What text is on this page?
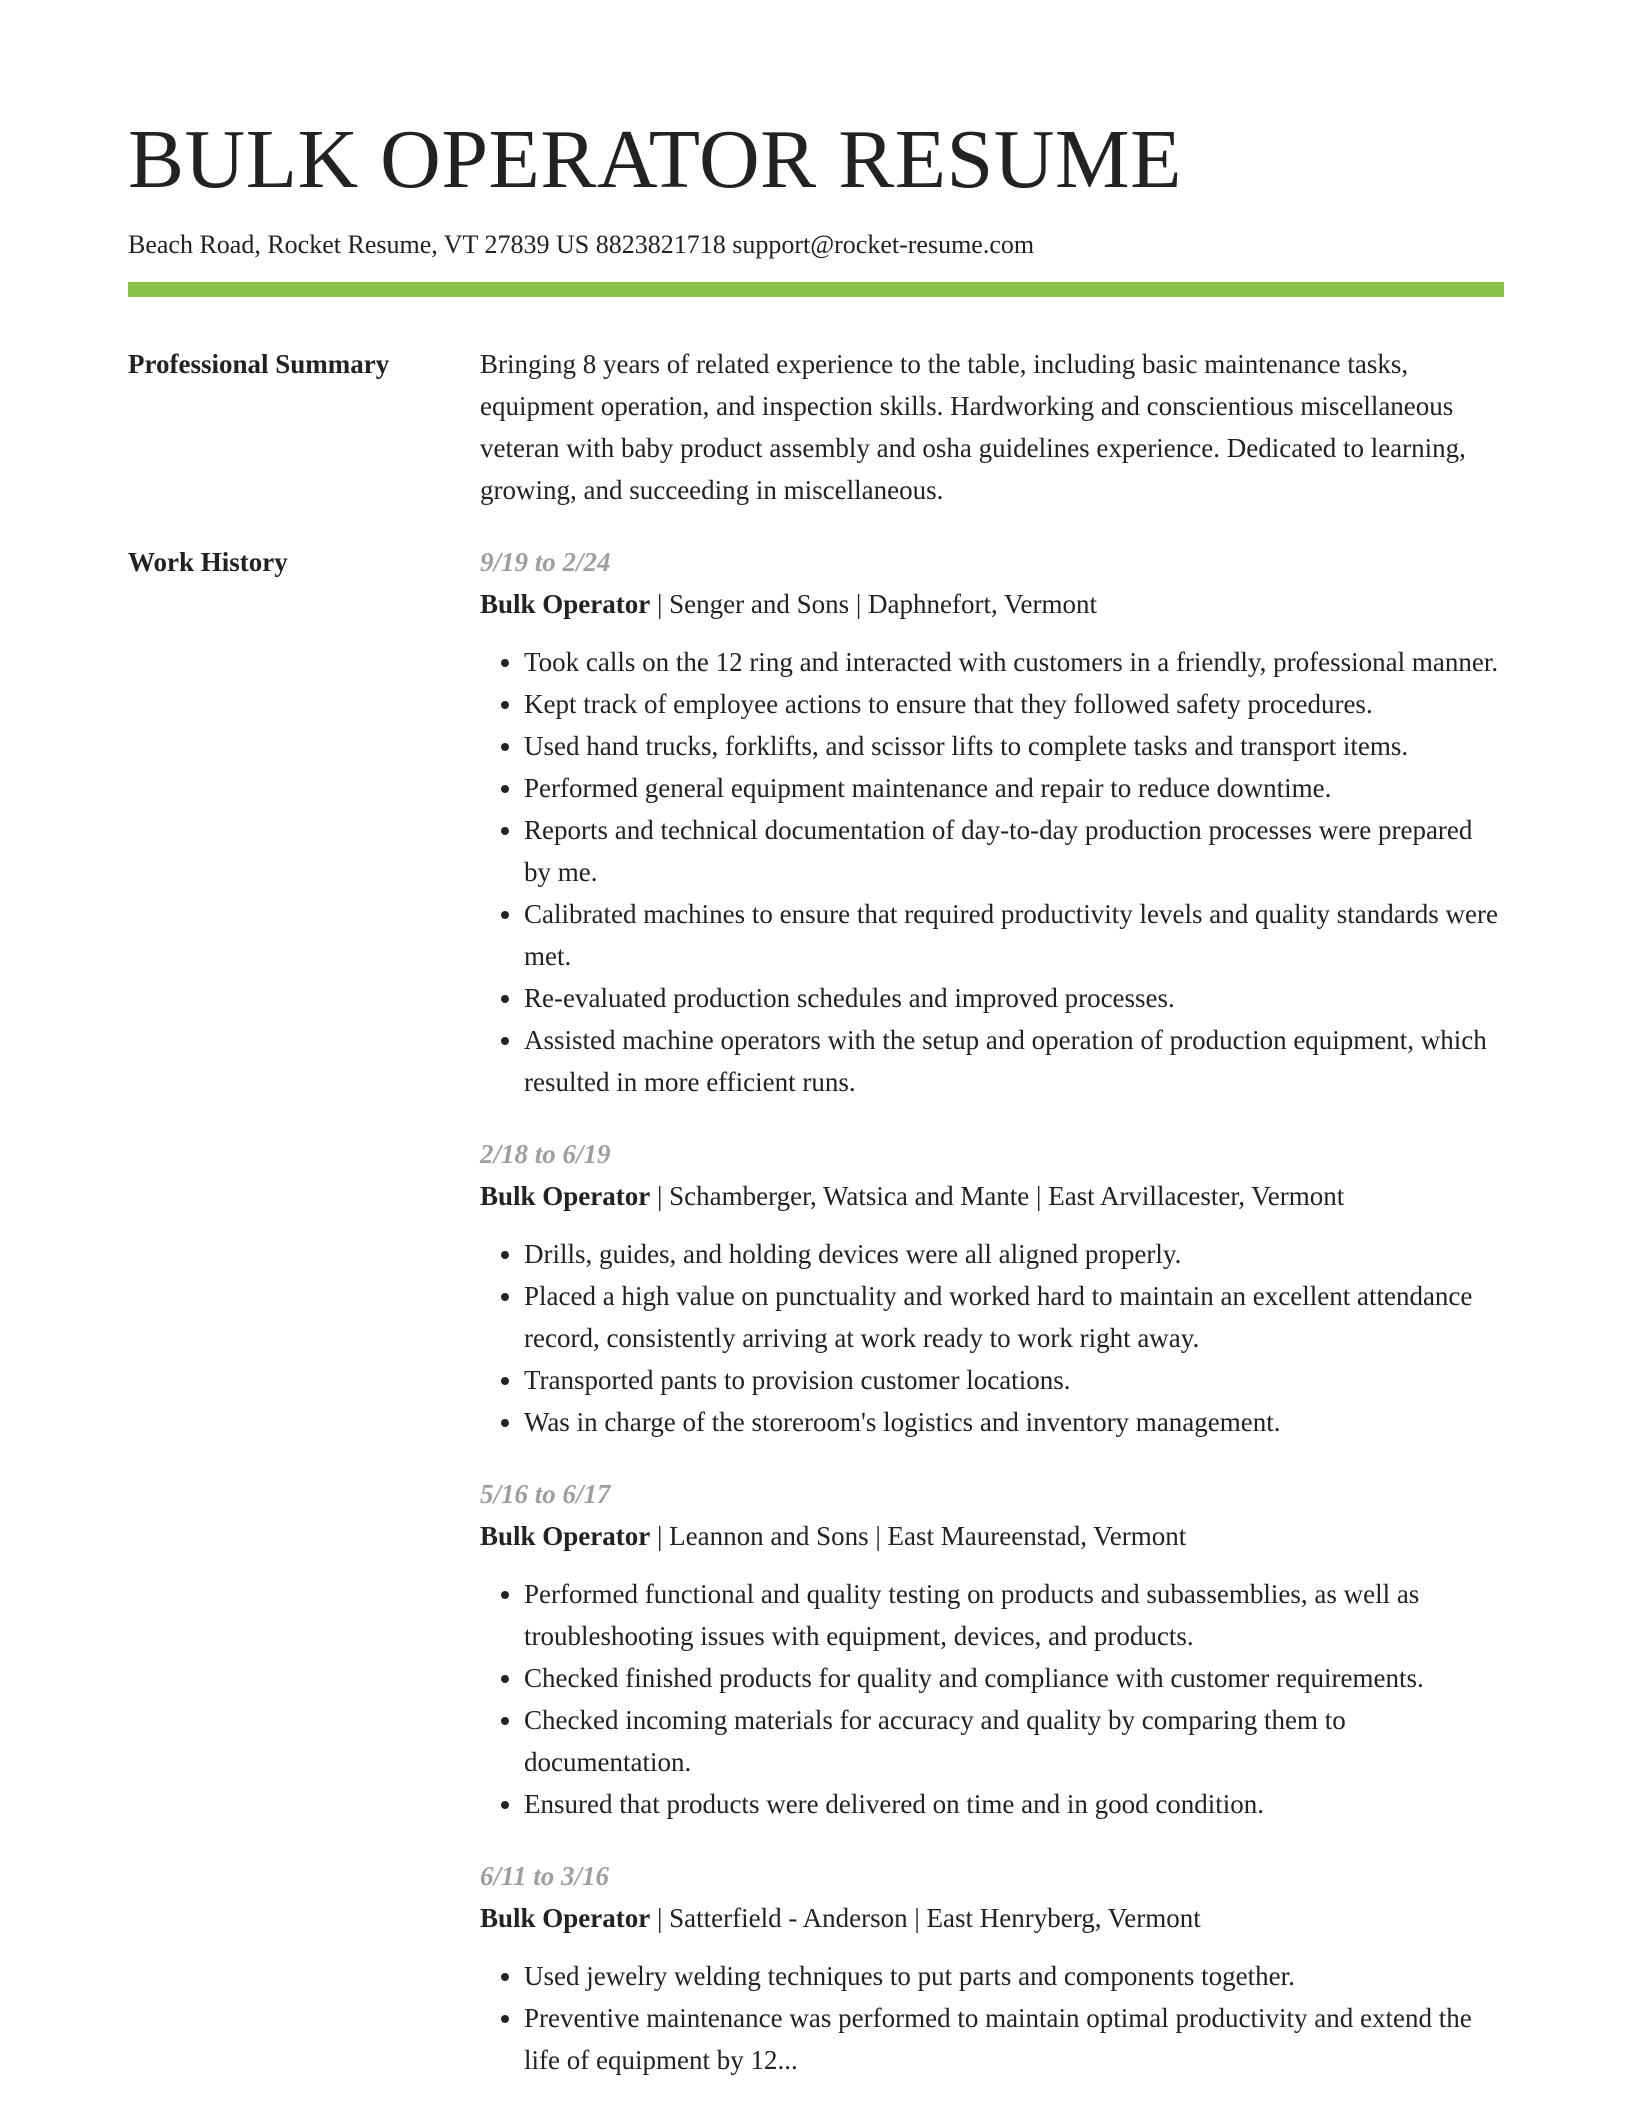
BULK OPERATOR RESUME
Beach Road, Rocket Resume, VT 27839 US 8823821718 support@rocket-resume.com
Professional Summary	Bringing 8 years of related experience to the table, including basic maintenance tasks, equipment operation, and inspection skills. Hardworking and conscientious miscellaneous veteran with baby product assembly and osha guidelines experience. Dedicated to learning, growing, and succeeding in miscellaneous.
Work History	9/19 to 2/24
Bulk Operator | Senger and Sons | Daphnefort, Vermont
• Took calls on the 12 ring and interacted with customers in a friendly, professional manner.
• Kept track of employee actions to ensure that they followed safety procedures.
• Used hand trucks, forklifts, and scissor lifts to complete tasks and transport items.
• Performed general equipment maintenance and repair to reduce downtime.
• Reports and technical documentation of day-to-day production processes were prepared by me.
• Calibrated machines to ensure that required productivity levels and quality standards were met.
• Re-evaluated production schedules and improved processes.
• Assisted machine operators with the setup and operation of production equipment, which resulted in more efficient runs.
2/18 to 6/19
Bulk Operator | Schamberger, Watsica and Mante | East Arvillacester, Vermont
• Drills, guides, and holding devices were all aligned properly.
• Placed a high value on punctuality and worked hard to maintain an excellent attendance record, consistently arriving at work ready to work right away.
• Transported pants to provision customer locations.
• Was in charge of the storeroom's logistics and inventory management.
5/16 to 6/17
Bulk Operator | Leannon and Sons | East Maureenstad, Vermont
• Performed functional and quality testing on products and subassemblies, as well as troubleshooting issues with equipment, devices, and products.
• Checked finished products for quality and compliance with customer requirements.
• Checked incoming materials for accuracy and quality by comparing them to documentation.
• Ensured that products were delivered on time and in good condition.
6/11 to 3/16
Bulk Operator | Satterfield - Anderson | East Henryberg, Vermont
• Used jewelry welding techniques to put parts and components together.
• Preventive maintenance was performed to maintain optimal productivity and extend the life of equipment by 12...
